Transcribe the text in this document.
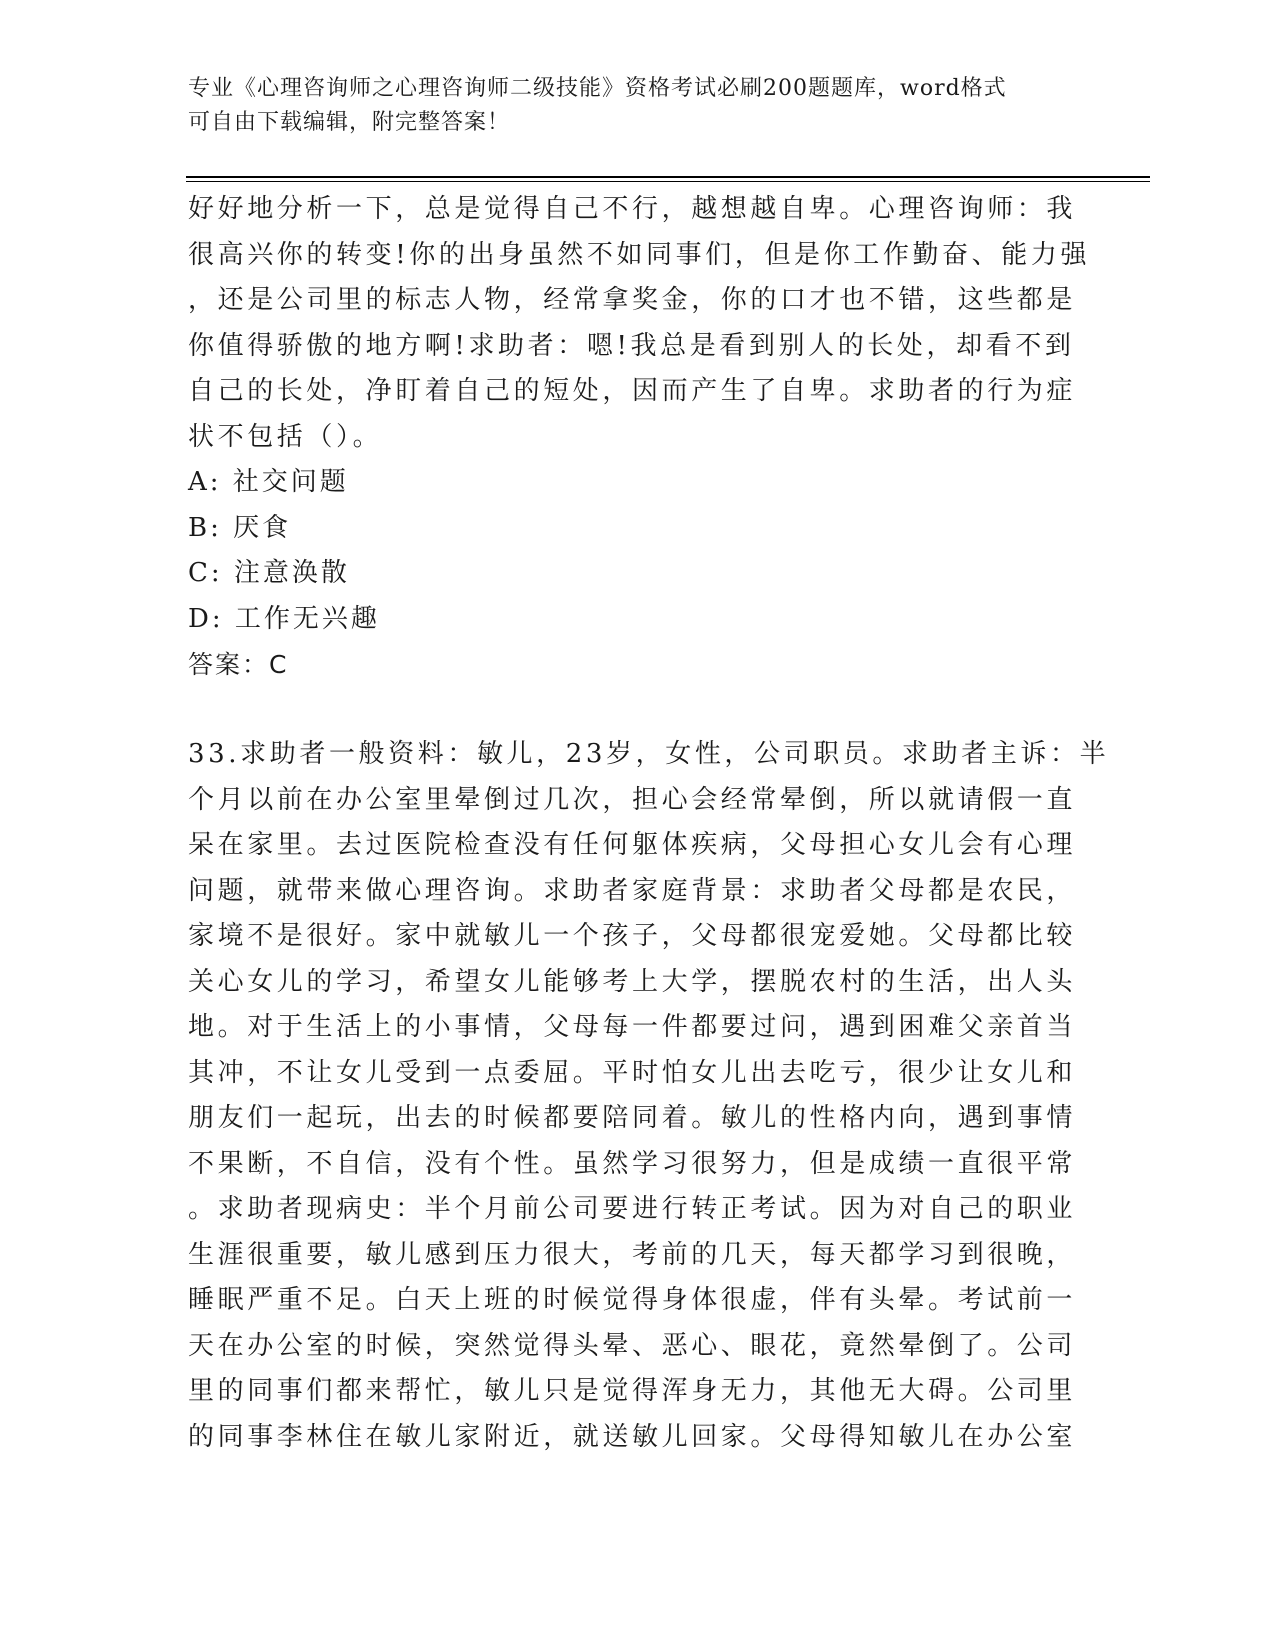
专业《心理咨询师之心理咨询师二级技能》资格考试必刷200题题库，word格式
可自由下载编辑，附完整答案！
好好地分析一下，总是觉得自己不行，越想越自卑。心理咨询师：我
很高兴你的转变!你的出身虽然不如同事们，但是你工作勤奋、能力强
，还是公司里的标志人物，经常拿奖金，你的口才也不错，这些都是
你值得骄傲的地方啊!求助者：嗯!我总是看到别人的长处，却看不到
自己的长处，净盯着自己的短处，因而产生了自卑。求助者的行为症
状不包括（）。
A: 社交问题
B: 厌食
C: 注意涣散
D: 工作无兴趣
答案：C
33.求助者一般资料：敏儿，23岁，女性，公司职员。求助者主诉：半
个月以前在办公室里晕倒过几次，担心会经常晕倒，所以就请假一直
呆在家里。去过医院检查没有任何躯体疾病，父母担心女儿会有心理
问题，就带来做心理咨询。求助者家庭背景：求助者父母都是农民，
家境不是很好。家中就敏儿一个孩子，父母都很宠爱她。父母都比较
关心女儿的学习，希望女儿能够考上大学，摆脱农村的生活，出人头
地。对于生活上的小事情，父母每一件都要过问，遇到困难父亲首当
其冲，不让女儿受到一点委屈。平时怕女儿出去吃亏，很少让女儿和
朋友们一起玩，出去的时候都要陪同着。敏儿的性格内向，遇到事情
不果断，不自信，没有个性。虽然学习很努力，但是成绩一直很平常
。求助者现病史：半个月前公司要进行转正考试。因为对自己的职业
生涯很重要，敏儿感到压力很大，考前的几天，每天都学习到很晚，
睡眠严重不足。白天上班的时候觉得身体很虚，伴有头晕。考试前一
天在办公室的时候，突然觉得头晕、恶心、眼花，竟然晕倒了。公司
里的同事们都来帮忙，敏儿只是觉得浑身无力，其他无大碍。公司里
的同事李林住在敏儿家附近，就送敏儿回家。父母得知敏儿在办公室
